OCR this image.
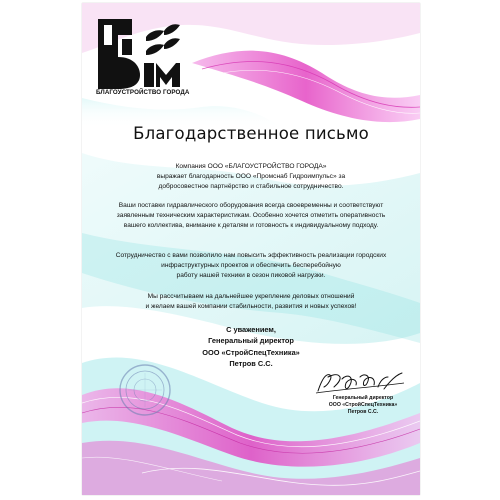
БЛАГОУСТРОЙСТВО ГОРОДА
Благодарственное письмо
Компания ООО «БЛАГОУСТРОЙСТВО ГОРОДА»
выражает благодарность ООО «Промснаб Гидроимпульс» за
добросовестное партнёрство и стабильное сотрудничество.
Ваши поставки гидравлического оборудования всегда своевременны и соответствуют
заявленным техническим характеристикам. Особенно хочется отметить оперативность
вашего коллектива, внимание к деталям и готовность к индивидуальному подходу.
Сотрудничество с вами позволило нам повысить эффективность реализации городских
инфраструктурных проектов и обеспечить бесперебойную
работу нашей техники в сезон пиковой нагрузки.
Мы рассчитываем на дальнейшее укрепление деловых отношений
и желаем вашей компании стабильности, развития и новых успехов!
С уважением,
Генеральный директор
ООО «СтройСпецТехника»
Петров С.С.
Генеральный директор
ООО «СтройСпецТехника»
Петров С.С.
